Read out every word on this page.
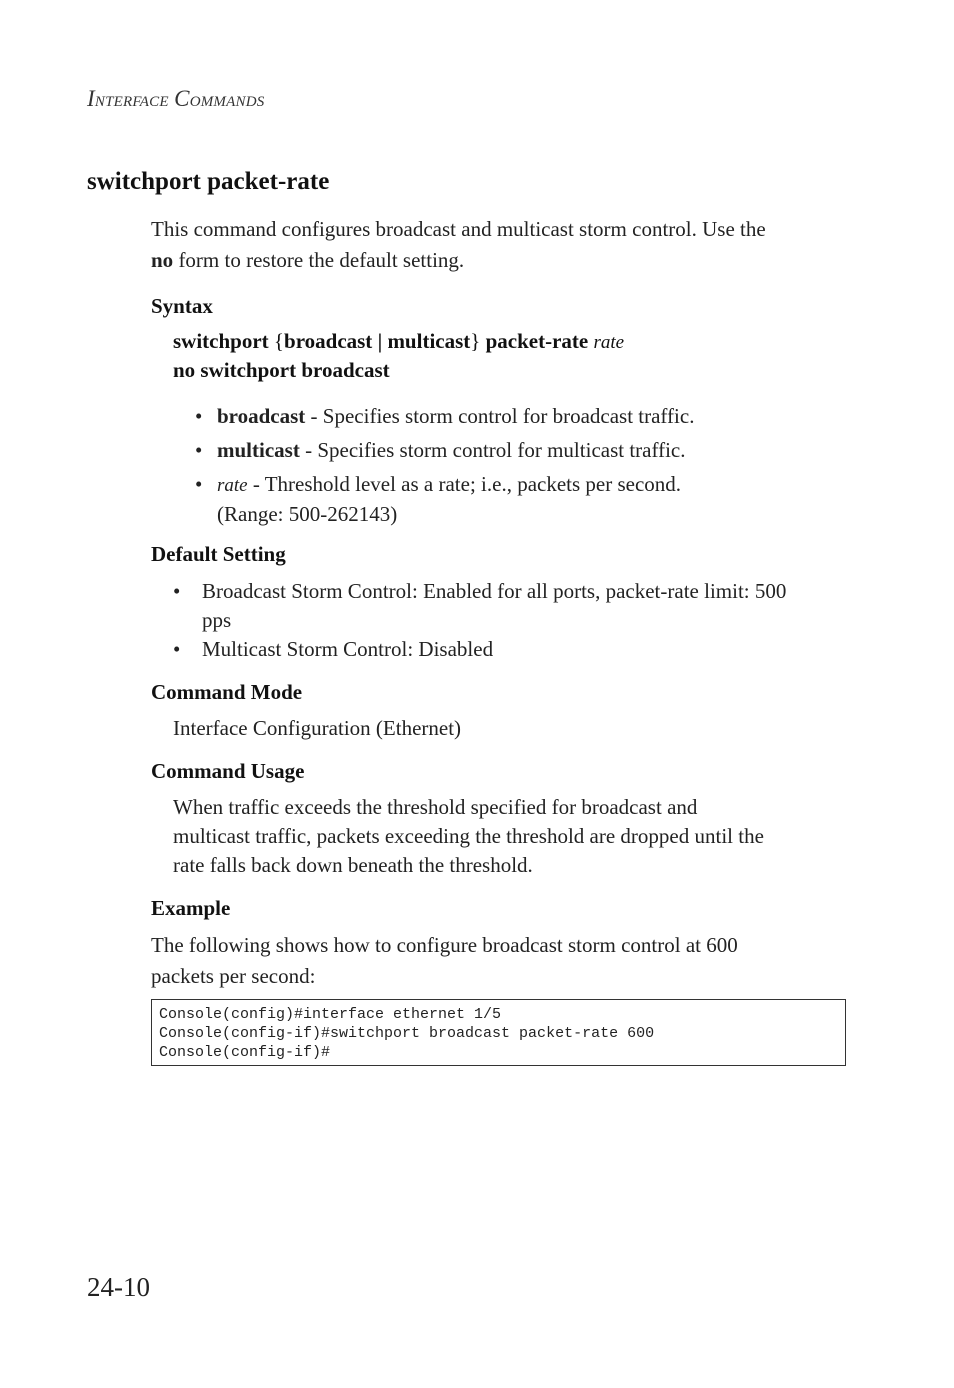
INTERFACE COMMANDS
switchport packet-rate
This command configures broadcast and multicast storm control. Use the
no form to restore the default setting.
Syntax
switchport {broadcast | multicast} packet-rate rate
no switchport broadcast
• broadcast - Specifies storm control for broadcast traffic.
• multicast - Specifies storm control for multicast traffic.
• rate - Threshold level as a rate; i.e., packets per second.
(Range: 500-262143)
Default Setting
• Broadcast Storm Control: Enabled for all ports, packet-rate limit: 500
pps
• Multicast Storm Control: Disabled
Command Mode
Interface Configuration (Ethernet)
Command Usage
When traffic exceeds the threshold specified for broadcast and
multicast traffic, packets exceeding the threshold are dropped until the
rate falls back down beneath the threshold.
Example
The following shows how to configure broadcast storm control at 600
packets per second:
Console(config)#interface ethernet 1/5
Console(config-if)#switchport broadcast packet-rate 600
Console(config-if)#
24-10
